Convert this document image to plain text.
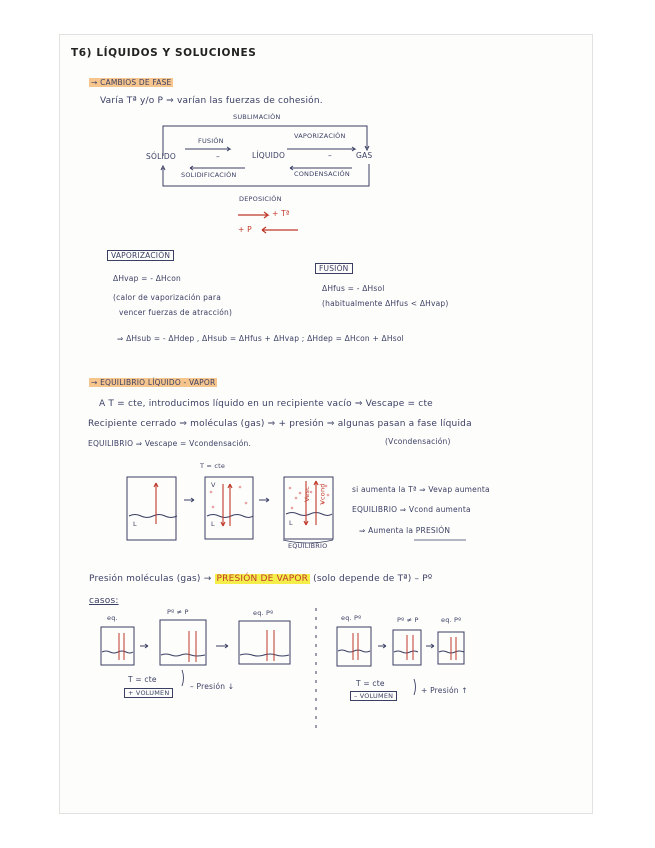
T6) LÍQUIDOS Y SOLUCIONES
→ CAMBIOS DE FASE
Varía Tª y/o P ⇒ varían las fuerzas de cohesión.
SUBLIMACIÓN
FUSIÓN
VAPORIZACIÓN
SÓLIDO	–	LÍQUIDO	–	GAS
SOLIDIFICACIÓN	CONDENSACIÓN
DEPOSICIÓN
+ Tª
+ P
VAPORIZACIÓN
ΔHvap = - ΔHcon
(calor de vaporización para
vencer fuerzas de atracción)
FUSIÓN
ΔHfus = - ΔHsol
(habitualmente ΔHfus < ΔHvap)
⇒ ΔHsub = - ΔHdep , ΔHsub = ΔHfus + ΔHvap ; ΔHdep = ΔHcon + ΔHsol
→ EQUILIBRIO LÍQUIDO - VAPOR
A T = cte, introducimos líquido en un recipiente vacío ⇒ Vescape = cte
Recipiente cerrado ⇒ moléculas (gas) ⇒ + presión ⇒ algunas pasan a fase líquida
(Vcondensación)
EQUILIBRIO ⇒ Vescape = Vcondensación.
T = cte
L
V
L	L
Vesc Vcond
EQUILIBRIO
si aumenta la Tª ⇒ Vevap aumenta
EQUILIBRIO ⇒ Vcond aumenta
⇒ Aumenta la PRESIÓN
Presión moléculas (gas) → PRESIÓN DE VAPOR (solo depende de Tª) – Pº
casos:
eq.
Pº ≠ P	eq. Pº
eq. Pº	Pº ≠ P	eq. Pº
T = cte
+ VOLUMEN
– Presión ↓	T = cte
– VOLUMEN
+ Presión ↑
